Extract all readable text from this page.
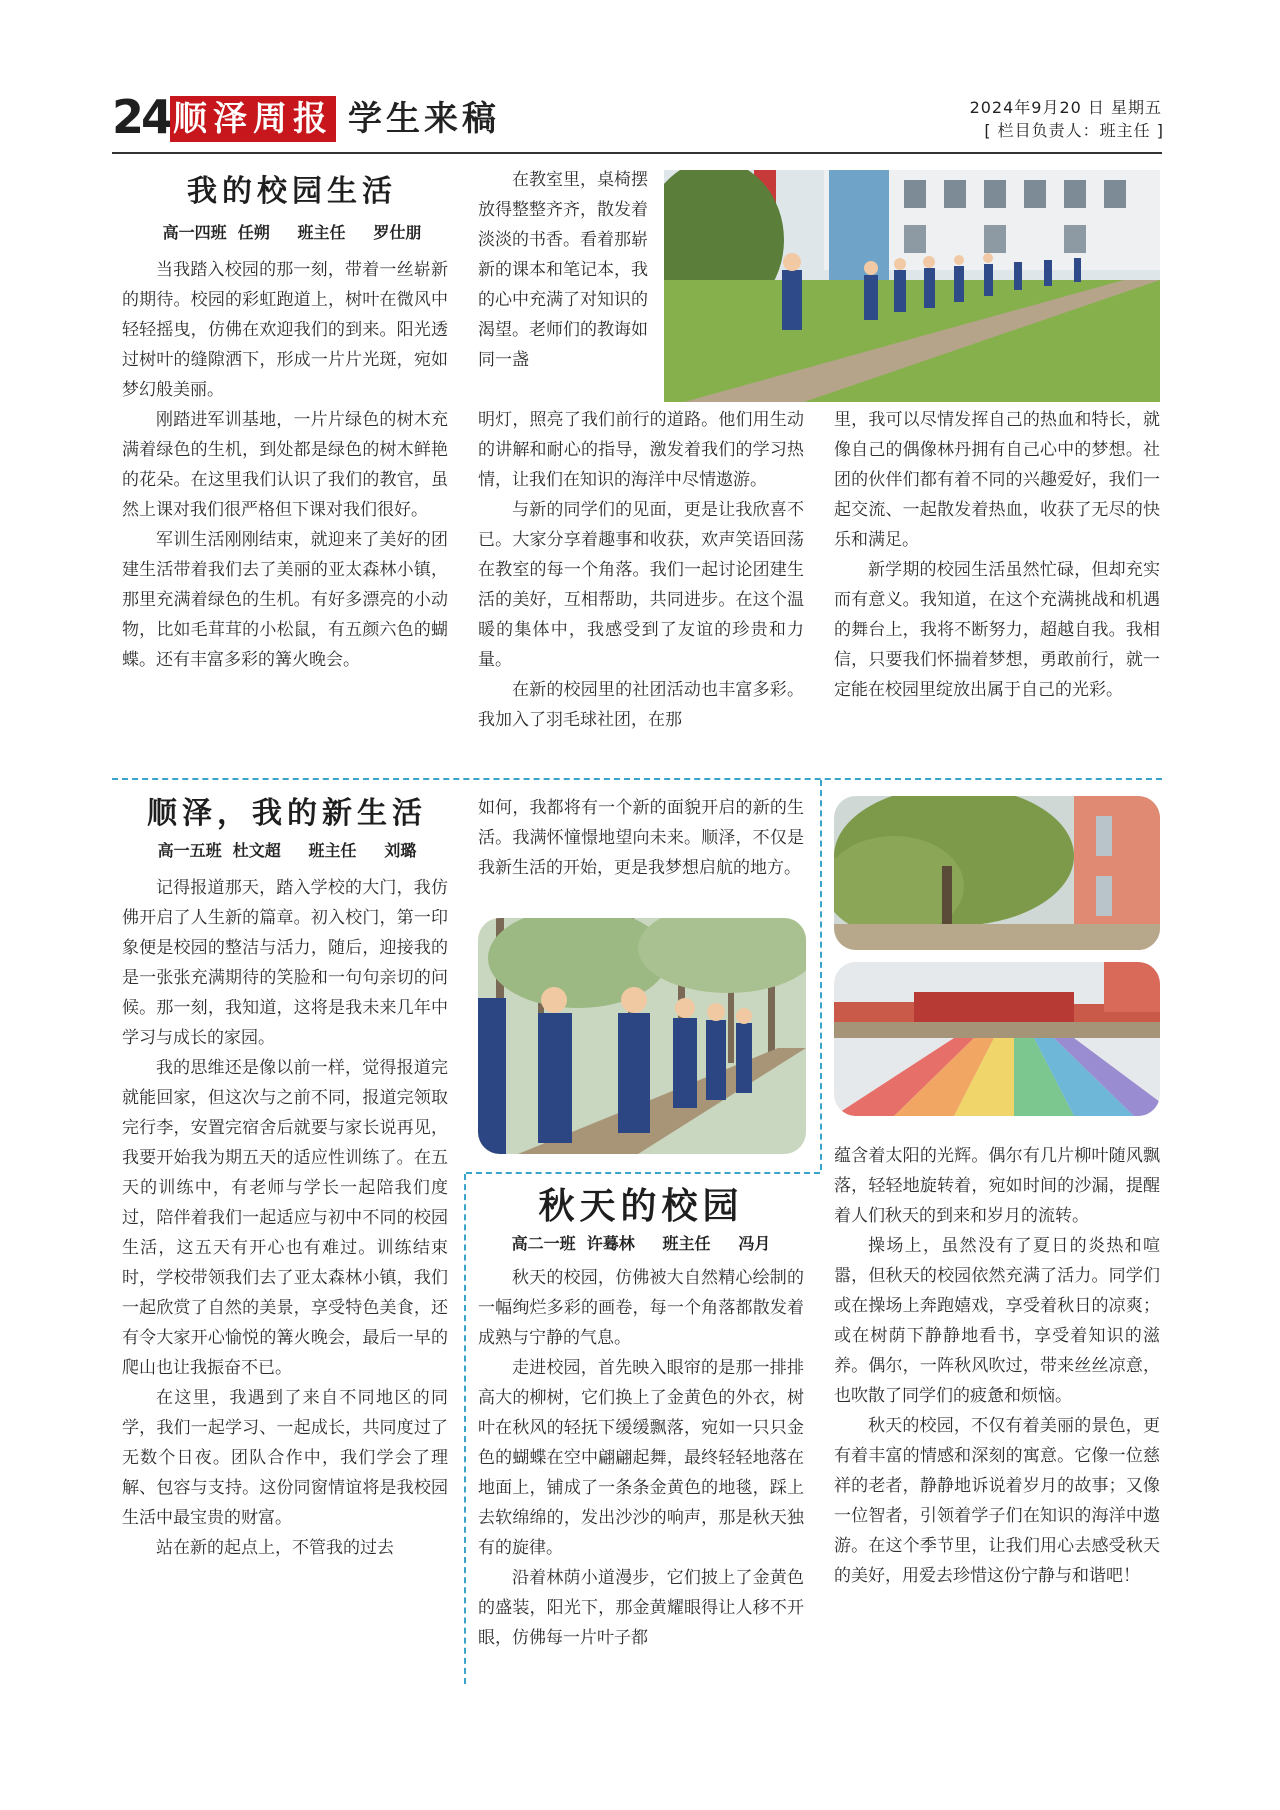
24 顺泽周报 学生来稿	2024年9月20 日 星期五
[ 栏目负责人：班主任 ]
我的校园生活
高一四班  任朔     班主任     罗仕朋

当我踏入校园的那一刻，带着一丝崭新的期待。校园的彩虹跑道上，树叶在微风中轻轻摇曳，仿佛在欢迎我们的到来。阳光透过树叶的缝隙洒下，形成一片片光斑，宛如梦幻般美丽。

刚踏进军训基地，一片片绿色的树木充满着绿色的生机，到处都是绿色的树木鲜艳的花朵。在这里我们认识了我们的教官，虽然上课对我们很严格但下课对我们很好。

军训生活刚刚结束，就迎来了美好的团建生活带着我们去了美丽的亚太森林小镇，那里充满着绿色的生机。有好多漂亮的小动物，比如毛茸茸的小松鼠，有五颜六色的蝴蝶。还有丰富多彩的篝火晚会。

在教室里，桌椅摆放得整整齐齐，散发着淡淡的书香。看着那崭新的课本和笔记本，我的心中充满了对知识的渴望。老师们的教诲如同一盏

明灯，照亮了我们前行的道路。他们用生动的讲解和耐心的指导，激发着我们的学习热情，让我们在知识的海洋中尽情遨游。

与新的同学们的见面，更是让我欣喜不已。大家分享着趣事和收获，欢声笑语回荡在教室的每一个角落。我们一起讨论团建生活的美好，互相帮助，共同进步。在这个温暖的集体中，我感受到了友谊的珍贵和力量。

在新的校园里的社团活动也丰富多彩。我加入了羽毛球社团，在那

里，我可以尽情发挥自己的热血和特长，就像自己的偶像林丹拥有自己心中的梦想。社团的伙伴们都有着不同的兴趣爱好，我们一起交流、一起散发着热血，收获了无尽的快乐和满足。

新学期的校园生活虽然忙碌，但却充实而有意义。我知道，在这个充满挑战和机遇的舞台上，我将不断努力，超越自我。我相信，只要我们怀揣着梦想，勇敢前行，就一定能在校园里绽放出属于自己的光彩。

顺泽，我的新生活
高一五班  杜文超     班主任     刘璐

记得报道那天，踏入学校的大门，我仿佛开启了人生新的篇章。初入校门，第一印象便是校园的整洁与活力，随后，迎接我的是一张张充满期待的笑脸和一句句亲切的问候。那一刻，我知道，这将是我未来几年中学习与成长的家园。

我的思维还是像以前一样，觉得报道完就能回家，但这次与之前不同，报道完领取完行李，安置完宿舍后就要与家长说再见，我要开始我为期五天的适应性训练了。在五天的训练中，有老师与学长一起陪我们度过，陪伴着我们一起适应与初中不同的校园生活，这五天有开心也有难过。训练结束时，学校带领我们去了亚太森林小镇，我们一起欣赏了自然的美景，享受特色美食，还有令大家开心愉悦的篝火晚会，最后一早的爬山也让我振奋不已。

在这里，我遇到了来自不同地区的同学，我们一起学习、一起成长，共同度过了无数个日夜。团队合作中，我们学会了理解、包容与支持。这份同窗情谊将是我校园生活中最宝贵的财富。

站在新的起点上，不管我的过去

如何，我都将有一个新的面貌开启的新的生活。我满怀憧憬地望向未来。顺泽，不仅是我新生活的开始，更是我梦想启航的地方。

秋天的校园
高二一班  许蓦林     班主任     冯月

秋天的校园，仿佛被大自然精心绘制的一幅绚烂多彩的画卷，每一个角落都散发着成熟与宁静的气息。

走进校园，首先映入眼帘的是那一排排高大的柳树，它们换上了金黄色的外衣，树叶在秋风的轻抚下缓缓飘落，宛如一只只金色的蝴蝶在空中翩翩起舞，最终轻轻地落在地面上，铺成了一条条金黄色的地毯，踩上去软绵绵的，发出沙沙的响声，那是秋天独有的旋律。

沿着林荫小道漫步，它们披上了金黄色的盛装，阳光下，那金黄耀眼得让人移不开眼，仿佛每一片叶子都

蕴含着太阳的光辉。偶尔有几片柳叶随风飘落，轻轻地旋转着，宛如时间的沙漏，提醒着人们秋天的到来和岁月的流转。

操场上，虽然没有了夏日的炎热和喧嚣，但秋天的校园依然充满了活力。同学们或在操场上奔跑嬉戏，享受着秋日的凉爽；或在树荫下静静地看书，享受着知识的滋养。偶尔，一阵秋风吹过，带来丝丝凉意，也吹散了同学们的疲惫和烦恼。

秋天的校园，不仅有着美丽的景色，更有着丰富的情感和深刻的寓意。它像一位慈祥的老者，静静地诉说着岁月的故事；又像一位智者，引领着学子们在知识的海洋中遨游。在这个季节里，让我们用心去感受秋天的美好，用爱去珍惜这份宁静与和谐吧！
